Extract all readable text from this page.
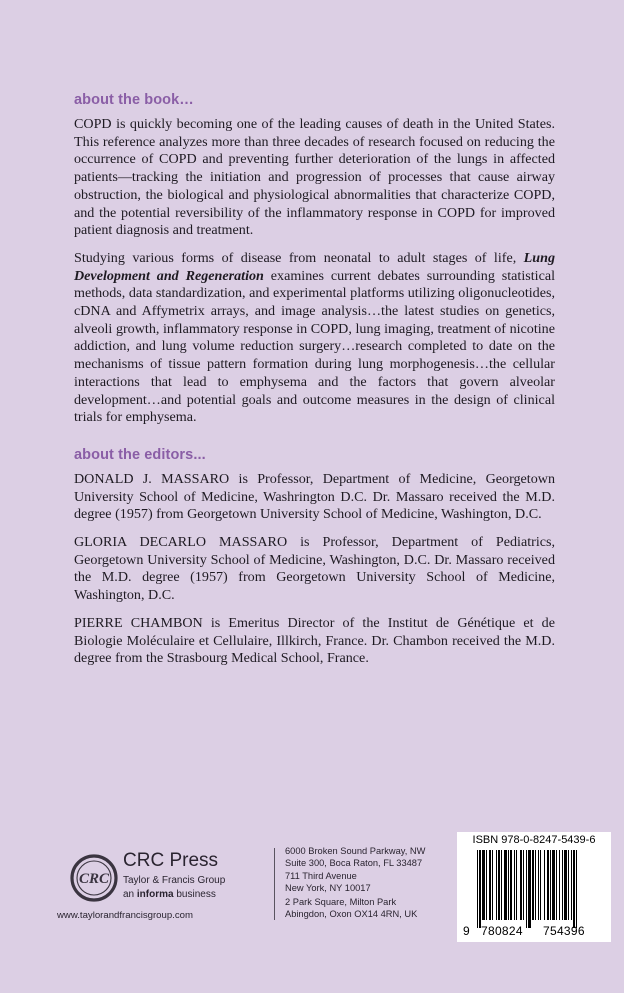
about the book…

COPD is quickly becoming one of the leading causes of death in the United States. This reference analyzes more than three decades of research focused on reducing the occurrence of COPD and preventing further deterioration of the lungs in affected patients—tracking the initiation and progression of processes that cause airway obstruction, the biological and physiological abnormalities that characterize COPD, and the potential reversibility of the inflammatory response in COPD for improved patient diagnosis and treatment.

Studying various forms of disease from neonatal to adult stages of life, Lung Development and Regeneration examines current debates surrounding statistical methods, data standardization, and experimental platforms utilizing oligonucleotides, cDNA and Affymetrix arrays, and image analysis…the latest studies on genetics, alveoli growth, inflammatory response in COPD, lung imaging, treatment of nicotine addiction, and lung volume reduction surgery…research completed to date on the mechanisms of tissue pattern formation during lung morphogenesis…the cellular interactions that lead to emphysema and the factors that govern alveolar development…and potential goals and outcome measures in the design of clinical trials for emphysema.

about the editors...

DONALD J. MASSARO is Professor, Department of Medicine, Georgetown University School of Medicine, Washrington D.C. Dr. Massaro received the M.D. degree (1957) from Georgetown University School of Medicine, Washington, D.C.

GLORIA DECARLO MASSARO is Professor, Department of Pediatrics, Georgetown University School of Medicine, Washington, D.C. Dr. Massaro received the M.D. degree (1957) from Georgetown University School of Medicine, Washington, D.C.

PIERRE CHAMBON is Emeritus Director of the Institut de Génétique et de Biologie Moléculaire et Cellulaire, Illkirch, France. Dr. Chambon received the M.D. degree from the Strasbourg Medical School, France.

CRC
CRC Press
Taylor & Francis Group
an informa business
www.taylorandfrancisgroup.com
6000 Broken Sound Parkway, NW
Suite 300, Boca Raton, FL 33487
711 Third Avenue
New York, NY 10017
2 Park Square, Milton Park
Abingdon, Oxon OX14 4RN, UK
ISBN 978-0-8247-5439-6
9 780824 754396
